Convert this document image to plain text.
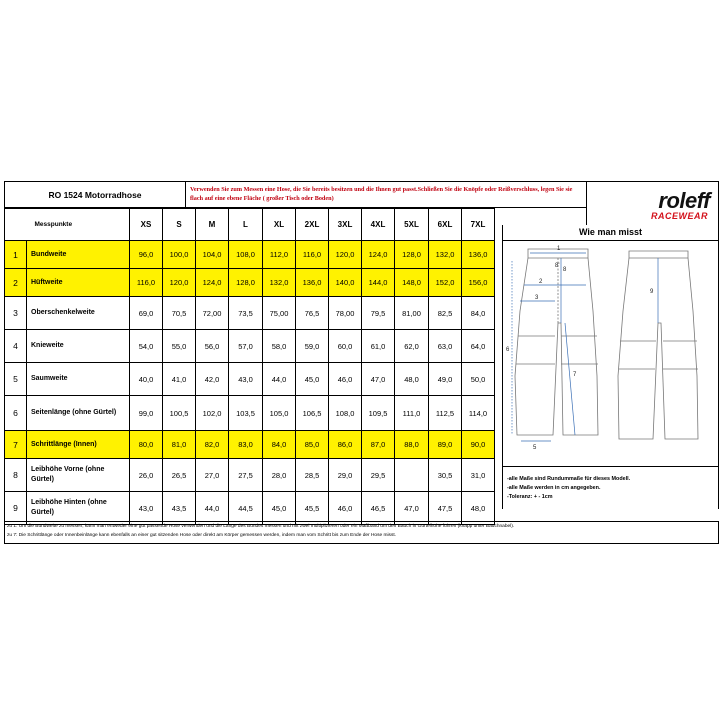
RO 1524 Motorradhose	Verwenden Sie zum Messen eine Hose, die Sie bereits besitzen und die Ihnen gut passt.Schließen Sie die Knöpfe oder Reißverschluss, legen Sie sie flach auf eine ebene Fläche ( großer Tisch oder Boden)	roleff
RACEWEAR
	Messpunkte	XS	S	M	L	XL	2XL	3XL	4XL	5XL	6XL	7XL
1	Bundweite	96,0	100,0	104,0	108,0	112,0	116,0	120,0	124,0	128,0	132,0	136,0
2	Hüftweite	116,0	120,0	124,0	128,0	132,0	136,0	140,0	144,0	148,0	152,0	156,0
3	Oberschenkelweite	69,0	70,5	72,00	73,5	75,00	76,5	78,00	79,5	81,00	82,5	84,0
4	Knieweite	54,0	55,0	56,0	57,0	58,0	59,0	60,0	61,0	62,0	63,0	64,0
5	Saumweite	40,0	41,0	42,0	43,0	44,0	45,0	46,0	47,0	48,0	49,0	50,0
6	Seitenlänge (ohne Gürtel)	99,0	100,5	102,0	103,5	105,0	106,5	108,0	109,5	111,0	112,5	114,0
7	Schrittlänge (Innen)	80,0	81,0	82,0	83,0	84,0	85,0	86,0	87,0	88,0	89,0	90,0
8	Leibhöhe Vorne (ohne Gürtel)	26,0	26,5	27,0	27,5	28,0	28,5	29,0	29,5		30,5	31,0
9	Leibhöhe Hinten (ohne Gürtel)	43,0	43,5	44,0	44,5	45,0	45,5	46,0	46,5	47,0	47,5	48,0
Wie man misst
1
2
3
5
6
7
8
8'
9
-alle Maße sind Rundummaße für dieses Modell.
-alle Maße werden in cm angegeben.
-Toleranz: + - 1cm
zu 1: Um die Bundweite zu messen, kann man entweder eine gut passende Hose verwenden und die Länge des Bundes messen und mit zwei multiplizieren oder ein Maßband um den Bauch in Gürtelhöhe führen (knapp unter Bauchnabel).
zu 7: Die Schrittlänge oder Innenbeinlänge kann ebenfalls an einer gut sitzenden Hose oder direkt am Körper gemessen werden, indem man vom Schritt bis zum Ende der Hose misst.
